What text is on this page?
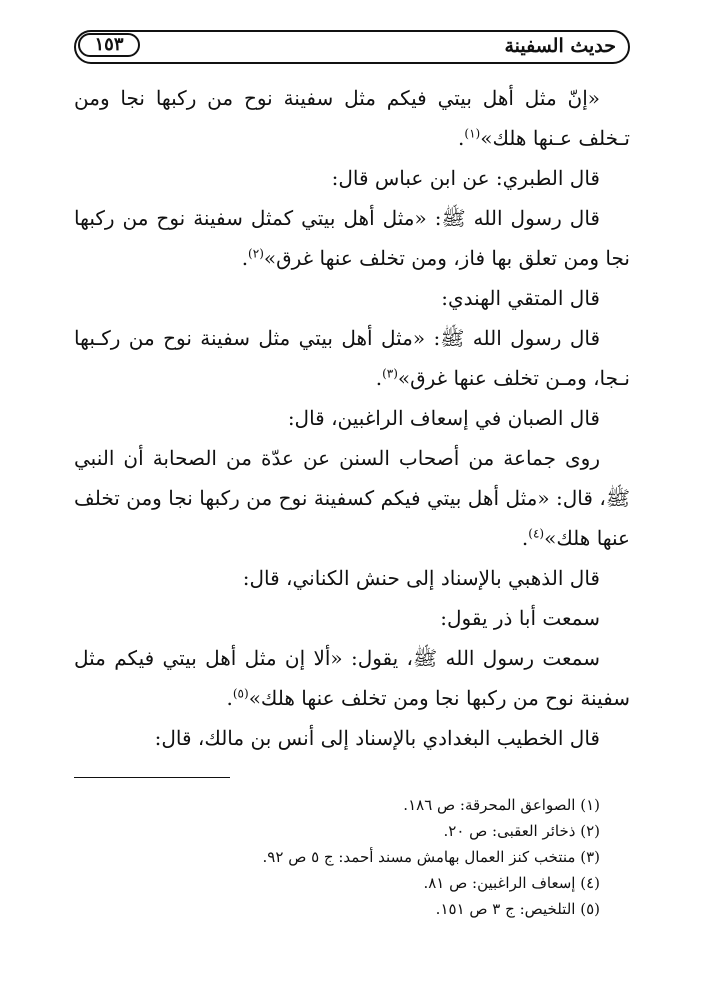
١٥٣	حديث السفينة

«إنّ مثل أهل بيتي فيكم مثل سفينة نوح من ركبها نجا ومن تـخلف عـنها هلك»$^{(١)}$.

قال الطبري: عن ابن عباس قال:

قال رسول الله ﷺ: «مثل أهل بيتي كمثل سفينة نوح من ركبها نجا ومن تعلق بها فاز، ومن تخلف عنها غرق»$^{(٢)}$.

قال المتقي الهندي:

قال رسول الله ﷺ: «مثل أهل بيتي مثل سفينة نوح من ركـبها نـجا، ومـن تخلف عنها غرق»$^{(٣)}$.

قال الصبان في إسعاف الراغبين، قال:

روى جماعة من أصحاب السنن عن عدّة من الصحابة أن النبي ﷺ، قال: «مثل أهل بيتي فيكم كسفينة نوح من ركبها نجا ومن تخلف عنها هلك»$^{(٤)}$.

قال الذهبي بالإسناد إلى حنش الكناني، قال:

سمعت أبا ذر يقول:

سمعت رسول الله ﷺ، يقول: «ألا إن مثل أهل بيتي فيكم مثل سفينة نوح من ركبها نجا ومن تخلف عنها هلك»$^{(٥)}$.

قال الخطيب البغدادي بالإسناد إلى أنس بن مالك، قال:

(١) الصواعق المحرقة: ص ١٨٦.

(٢) ذخائر العقبى: ص ٢٠.

(٣) منتخب كنز العمال بهامش مسند أحمد: ج ٥ ص ٩٢.

(٤) إسعاف الراغبين: ص ٨١.

(٥) التلخيص: ج ٣ ص ١٥١.
